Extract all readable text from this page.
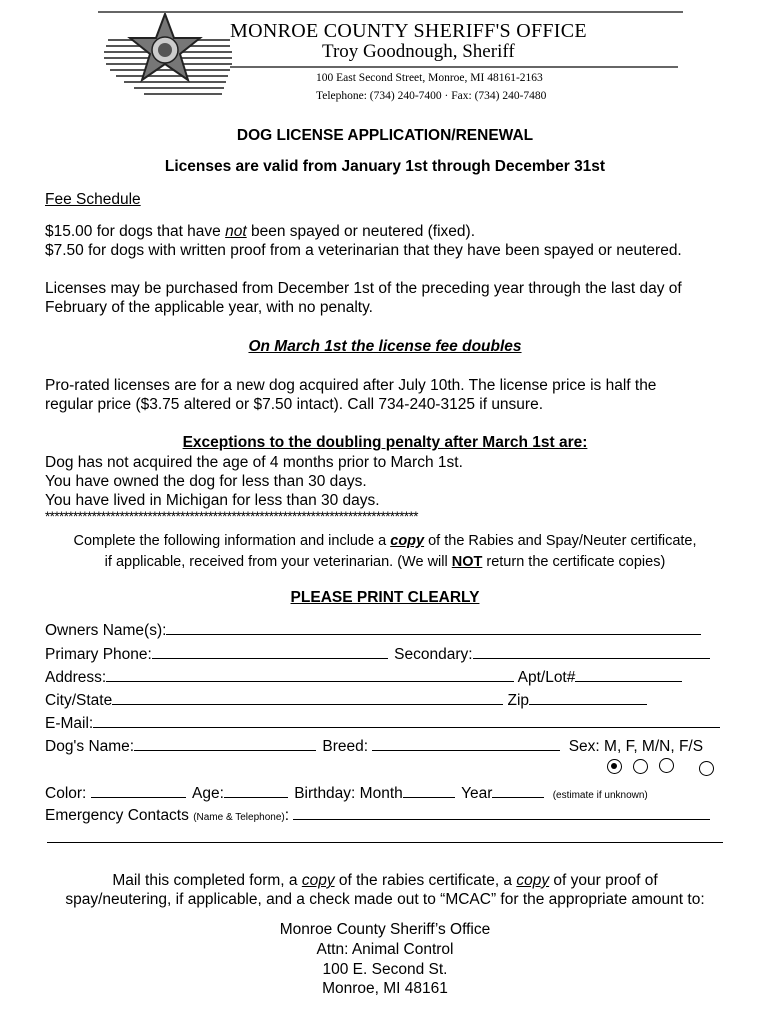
MONROE COUNTY SHERIFF'S OFFICE
Troy Goodnough, Sheriff
100 East Second Street, Monroe, MI 48161-2163
Telephone: (734) 240-7400 · Fax: (734) 240-7480
DOG LICENSE APPLICATION/RENEWAL
Licenses are valid from January 1st through December 31st
Fee Schedule
$15.00 for dogs that have not been spayed or neutered (fixed).
$7.50 for dogs with written proof from a veterinarian that they have been spayed or neutered.
Licenses may be purchased from December 1st of the preceding year through the last day of
February of the applicable year, with no penalty.
On March 1st the license fee doubles
Pro-rated licenses are for a new dog acquired after July 10th. The license price is half the
regular price ($3.75 altered or $7.50 intact). Call 734-240-3125 if unsure.
Exceptions to the doubling penalty after March 1st are:
Dog has not acquired the age of 4 months prior to March 1st.
You have owned the dog for less than 30 days.
You have lived in Michigan for less than 30 days.
********************************************************************************
Complete the following information and include a copy of the Rabies and Spay/Neuter certificate,
if applicable, received from your veterinarian. (We will NOT return the certificate copies)
PLEASE PRINT CLEARLY
Owners Name(s):
Primary Phone:	Secondary:
Address:	Apt/Lot#
City/State	Zip
E-Mail:
Dog's Name:	Breed:	Sex: M, F, M/N, F/S
Color:	Age:	Birthday: Month	Year	(estimate if unknown)
Emergency Contacts (Name & Telephone):
Mail this completed form, a copy of the rabies certificate, a copy of your proof of
spay/neutering, if applicable, and a check made out to “MCAC” for the appropriate amount to:
Monroe County Sheriff’s Office
Attn: Animal Control
100 E. Second St.
Monroe, MI 48161
